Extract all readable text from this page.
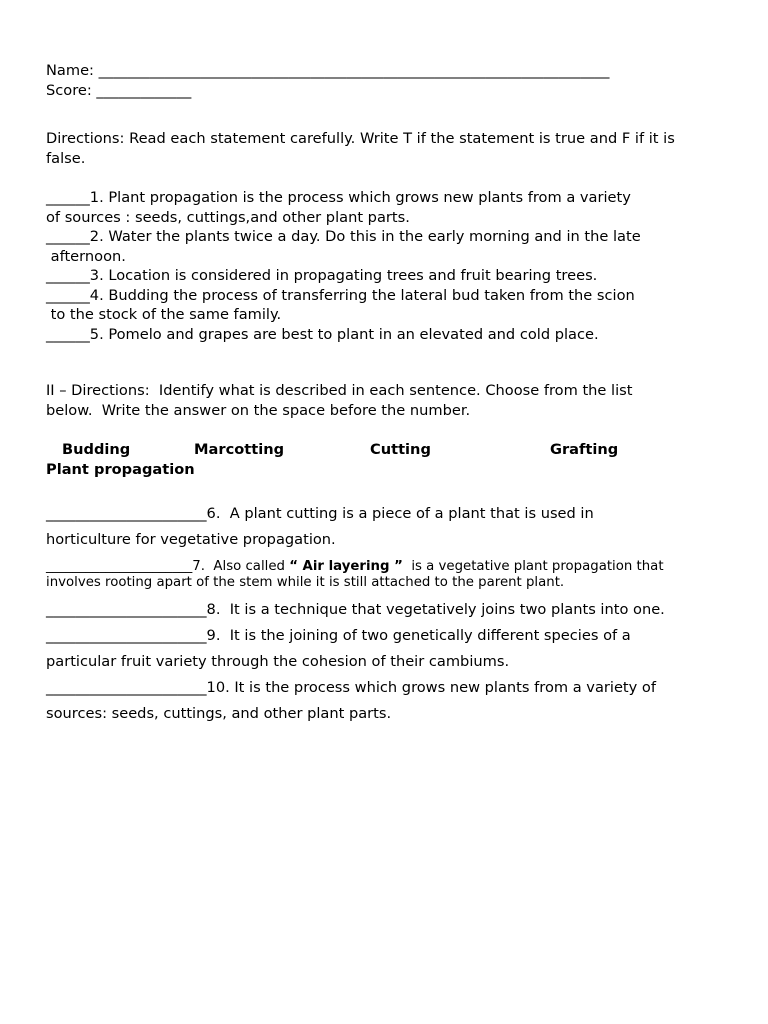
Name: ______________________________________________________________________
Score: _____________
Directions: Read each statement carefully. Write T if the statement is true and F if it is
false.
______1. Plant propagation is the process which grows new plants from a variety
of sources : seeds, cuttings,and other plant parts.
______2. Water the plants twice a day. Do this in the early morning and in the late
afternoon.
______3. Location is considered in propagating trees and fruit bearing trees.
______4. Budding the process of transferring the lateral bud taken from the scion
to the stock of the same family.
______5. Pomelo and grapes are best to plant in an elevated and cold place.
II – Directions:  Identify what is described in each sentence. Choose from the list
below.  Write the answer on the space before the number.
Budding	Marcotting	Cutting	Grafting
Plant propagation
______________________6.  A plant cutting is a piece of a plant that is used in
horticulture for vegetative propagation.
______________________7.  Also called “ Air layering ”  is a vegetative plant propagation that
involves rooting apart of the stem while it is still attached to the parent plant.
______________________8.  It is a technique that vegetatively joins two plants into one.
______________________9.  It is the joining of two genetically different species of a
particular fruit variety through the cohesion of their cambiums.
______________________10. It is the process which grows new plants from a variety of
sources: seeds, cuttings, and other plant parts.
